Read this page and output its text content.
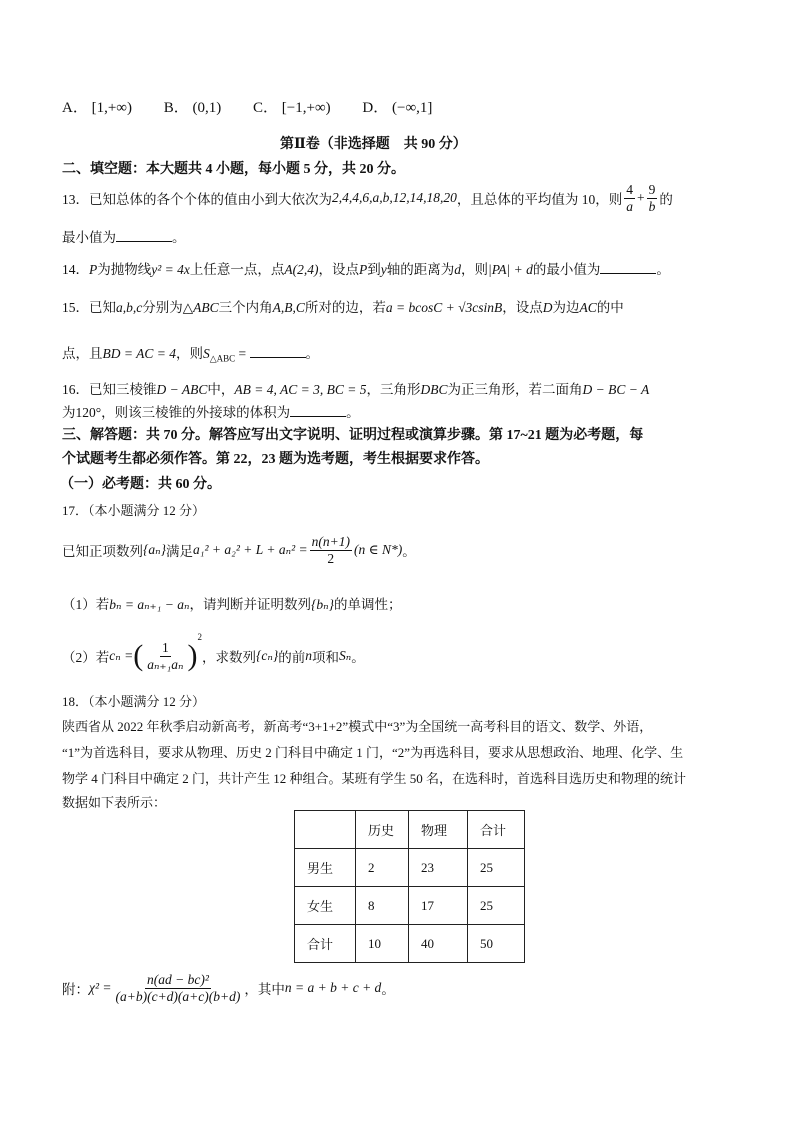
A． [1,+∞) B． (0,1) C． [−1,+∞) D． (−∞,1]
第Ⅱ卷（非选择题　共 90 分）
二、填空题：本大题共 4 小题，每小题 5 分，共 20 分。
13．已知总体的各个个体的值由小到大依次为 2,4,4,6,a,b,12,14,18,20 ，且总体的平均值为 10，则 $\frac{4}{a} + \frac{9}{b}$ 的
最小值为	。
14．P为抛物线y² = 4x上任意一点，点A(2,4)，设点P到y轴的距离为d，则|PA| + d的最小值为	。
15．已知a,b,c分别为△ABC三个内角A,B,C所对的边，若a = bcosC + √3csinB，设点D为边AC的中
点，且BD = AC = 4，则$S_{\triangle ABC}$ =	。
16．已知三棱锥D − ABC中，AB = 4, AC = 3, BC = 5，三角形DBC为正三角形，若二面角D − BC − A
为120°，则该三棱锥的外接球的体积为	。
三、解答题：共 70 分。解答应写出文字说明、证明过程或演算步骤。第 17~21 题为必考题，每
个试题考生都必须作答。第 22，23 题为选考题，考生根据要求作答。
（一）必考题：共 60 分。
17．（本小题满分 12 分）
已知正项数列 {aₙ} 满足 $a_1^2 + a_2^2 + L + a_n^2 = \frac{n(n+1)}{2} (n$ ∈ N*) 。
（1）若bₙ = aₙ₊₁ − aₙ，请判断并证明数列{bₙ}的单调性；
（2）若 cₙ = ( $\frac{1}{\text{aₙ₊₁aₙ}}$ )
$^2$
，求数列 {cₙ} 的前 n 项和 Sₙ 。
18．（本小题满分 12 分）
陕西省从 2022 年秋季启动新高考，新高考“3+1+2”模式中“3”为全国统一高考科目的语文、数学、外语，
“1”为首选科目，要求从物理、历史 2 门科目中确定 1 门，“2”为再选科目，要求从思想政治、地理、化学、生
物学 4 门科目中确定 2 门，共计产生 12 种组合。某班有学生 50 名，在选科时，首选科目选历史和物理的统计
数据如下表所示：
	历史	物理	合计
男生	2	23	25
女生	8	17	25
合计	10	40	50
附： $\chi^2 = \frac{\text{n(ad − bc)²}}{(a+b)(c+d)(a+c)(b+d)}$ ，其中 n = a + b + c + d 。
